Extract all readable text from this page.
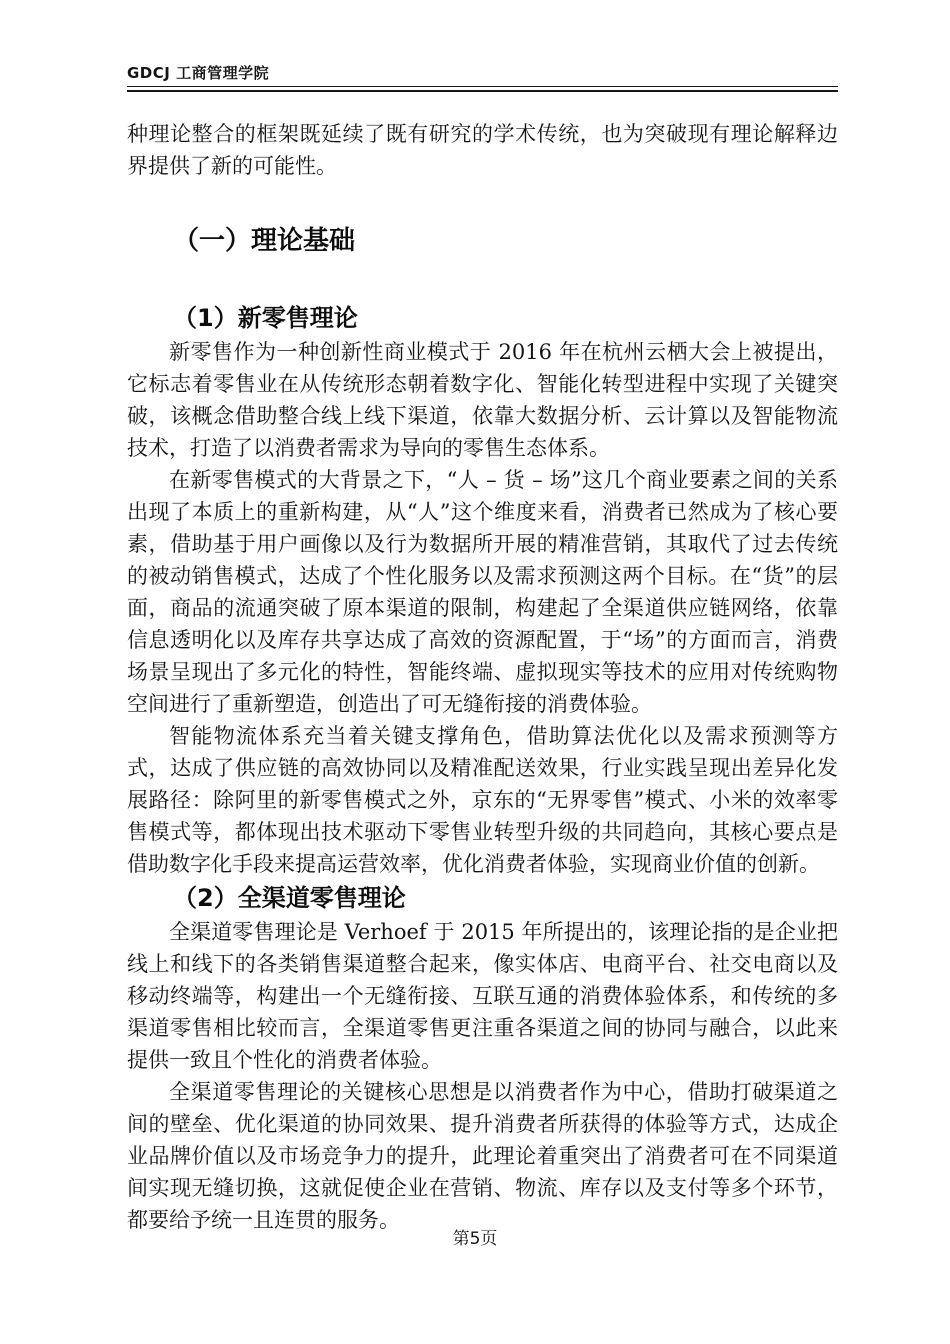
GDCJ 工商管理学院

种理论整合的框架既延续了既有研究的学术传统，也为突破现有理论解释边界提供了新的可能性。

（一）理论基础
（1）新零售理论

新零售作为一种创新性商业模式于 2016 年在杭州云栖大会上被提出，它标志着零售业在从传统形态朝着数字化、智能化转型进程中实现了关键突破，该概念借助整合线上线下渠道，依靠大数据分析、云计算以及智能物流技术，打造了以消费者需求为导向的零售生态体系。

在新零售模式的大背景之下，“人 – 货 – 场”这几个商业要素之间的关系出现了本质上的重新构建，从“人”这个维度来看，消费者已然成为了核心要素，借助基于用户画像以及行为数据所开展的精准营销，其取代了过去传统的被动销售模式，达成了个性化服务以及需求预测这两个目标。在“货”的层面，商品的流通突破了原本渠道的限制，构建起了全渠道供应链网络，依靠信息透明化以及库存共享达成了高效的资源配置，于“场”的方面而言，消费场景呈现出了多元化的特性，智能终端、虚拟现实等技术的应用对传统购物空间进行了重新塑造，创造出了可无缝衔接的消费体验。

智能物流体系充当着关键支撑角色，借助算法优化以及需求预测等方式，达成了供应链的高效协同以及精准配送效果，行业实践呈现出差异化发展路径：除阿里的新零售模式之外，京东的“无界零售”模式、小米的效率零售模式等，都体现出技术驱动下零售业转型升级的共同趋向，其核心要点是借助数字化手段来提高运营效率，优化消费者体验，实现商业价值的创新。

（2）全渠道零售理论

全渠道零售理论是 Verhoef 于 2015 年所提出的，该理论指的是企业把线上和线下的各类销售渠道整合起来，像实体店、电商平台、社交电商以及移动终端等，构建出一个无缝衔接、互联互通的消费体验体系，和传统的多渠道零售相比较而言，全渠道零售更注重各渠道之间的协同与融合，以此来提供一致且个性化的消费者体验。

全渠道零售理论的关键核心思想是以消费者作为中心，借助打破渠道之间的壁垒、优化渠道的协同效果、提升消费者所获得的体验等方式，达成企业品牌价值以及市场竞争力的提升，此理论着重突出了消费者可在不同渠道间实现无缝切换，这就促使企业在营销、物流、库存以及支付等多个环节，都要给予统一且连贯的服务。

第5页
